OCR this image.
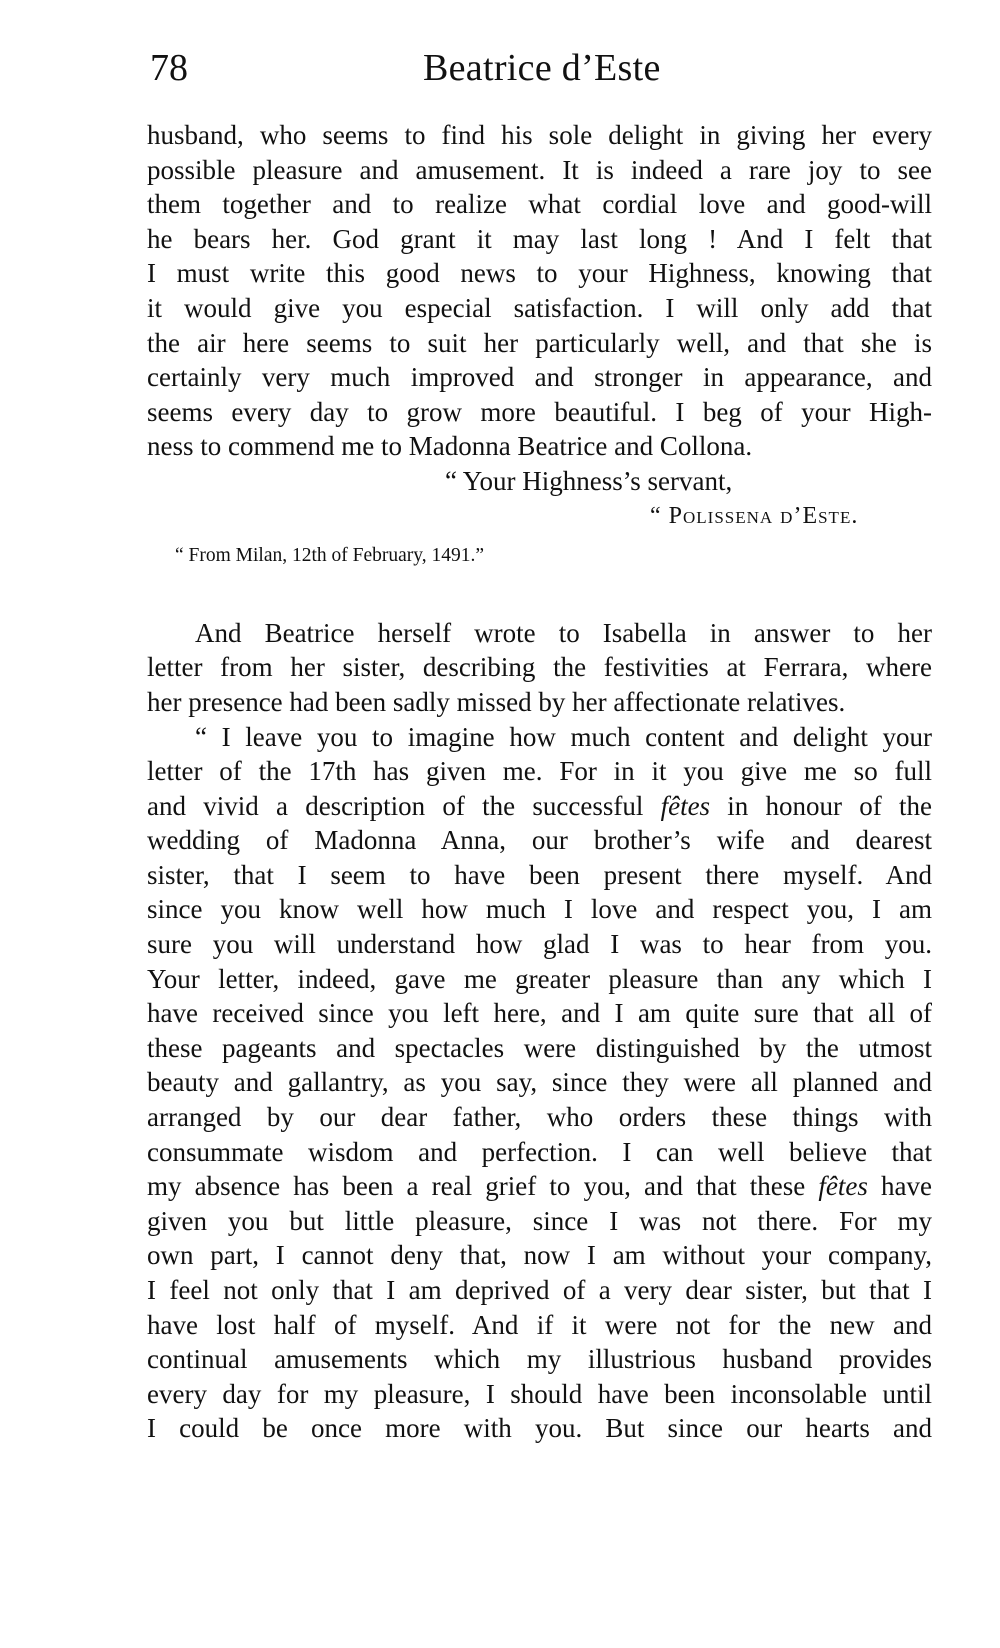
78	Beatrice d’Este
husband, who seems to find his sole delight in giving her every
possible pleasure and amusement. It is indeed a rare joy to see
them together and to realize what cordial love and good-will
he bears her. God grant it may last long ! And I felt that
I must write this good news to your Highness, knowing that
it would give you especial satisfaction. I will only add that
the air here seems to suit her particularly well, and that she is
certainly very much improved and stronger in appearance, and
seems every day to grow more beautiful. I beg of your High-
ness to commend me to Madonna Beatrice and Collona.
“ Your Highness’s servant,
“ Polissena d’Este.
“ From Milan, 12th of February, 1491.”
And Beatrice herself wrote to Isabella in answer to her
letter from her sister, describing the festivities at Ferrara, where
her presence had been sadly missed by her affectionate relatives.
“ I leave you to imagine how much content and delight your
letter of the 17th has given me. For in it you give me so full
and vivid a description of the successful fêtes in honour of the
wedding of Madonna Anna, our brother’s wife and dearest
sister, that I seem to have been present there myself. And
since you know well how much I love and respect you, I am
sure you will understand how glad I was to hear from you.
Your letter, indeed, gave me greater pleasure than any which I
have received since you left here, and I am quite sure that all of
these pageants and spectacles were distinguished by the utmost
beauty and gallantry, as you say, since they were all planned and
arranged by our dear father, who orders these things with
consummate wisdom and perfection. I can well believe that
my absence has been a real grief to you, and that these fêtes have
given you but little pleasure, since I was not there. For my
own part, I cannot deny that, now I am without your company,
I feel not only that I am deprived of a very dear sister, but that I
have lost half of myself. And if it were not for the new and
continual amusements which my illustrious husband provides
every day for my pleasure, I should have been inconsolable until
I could be once more with you. But since our hearts and
